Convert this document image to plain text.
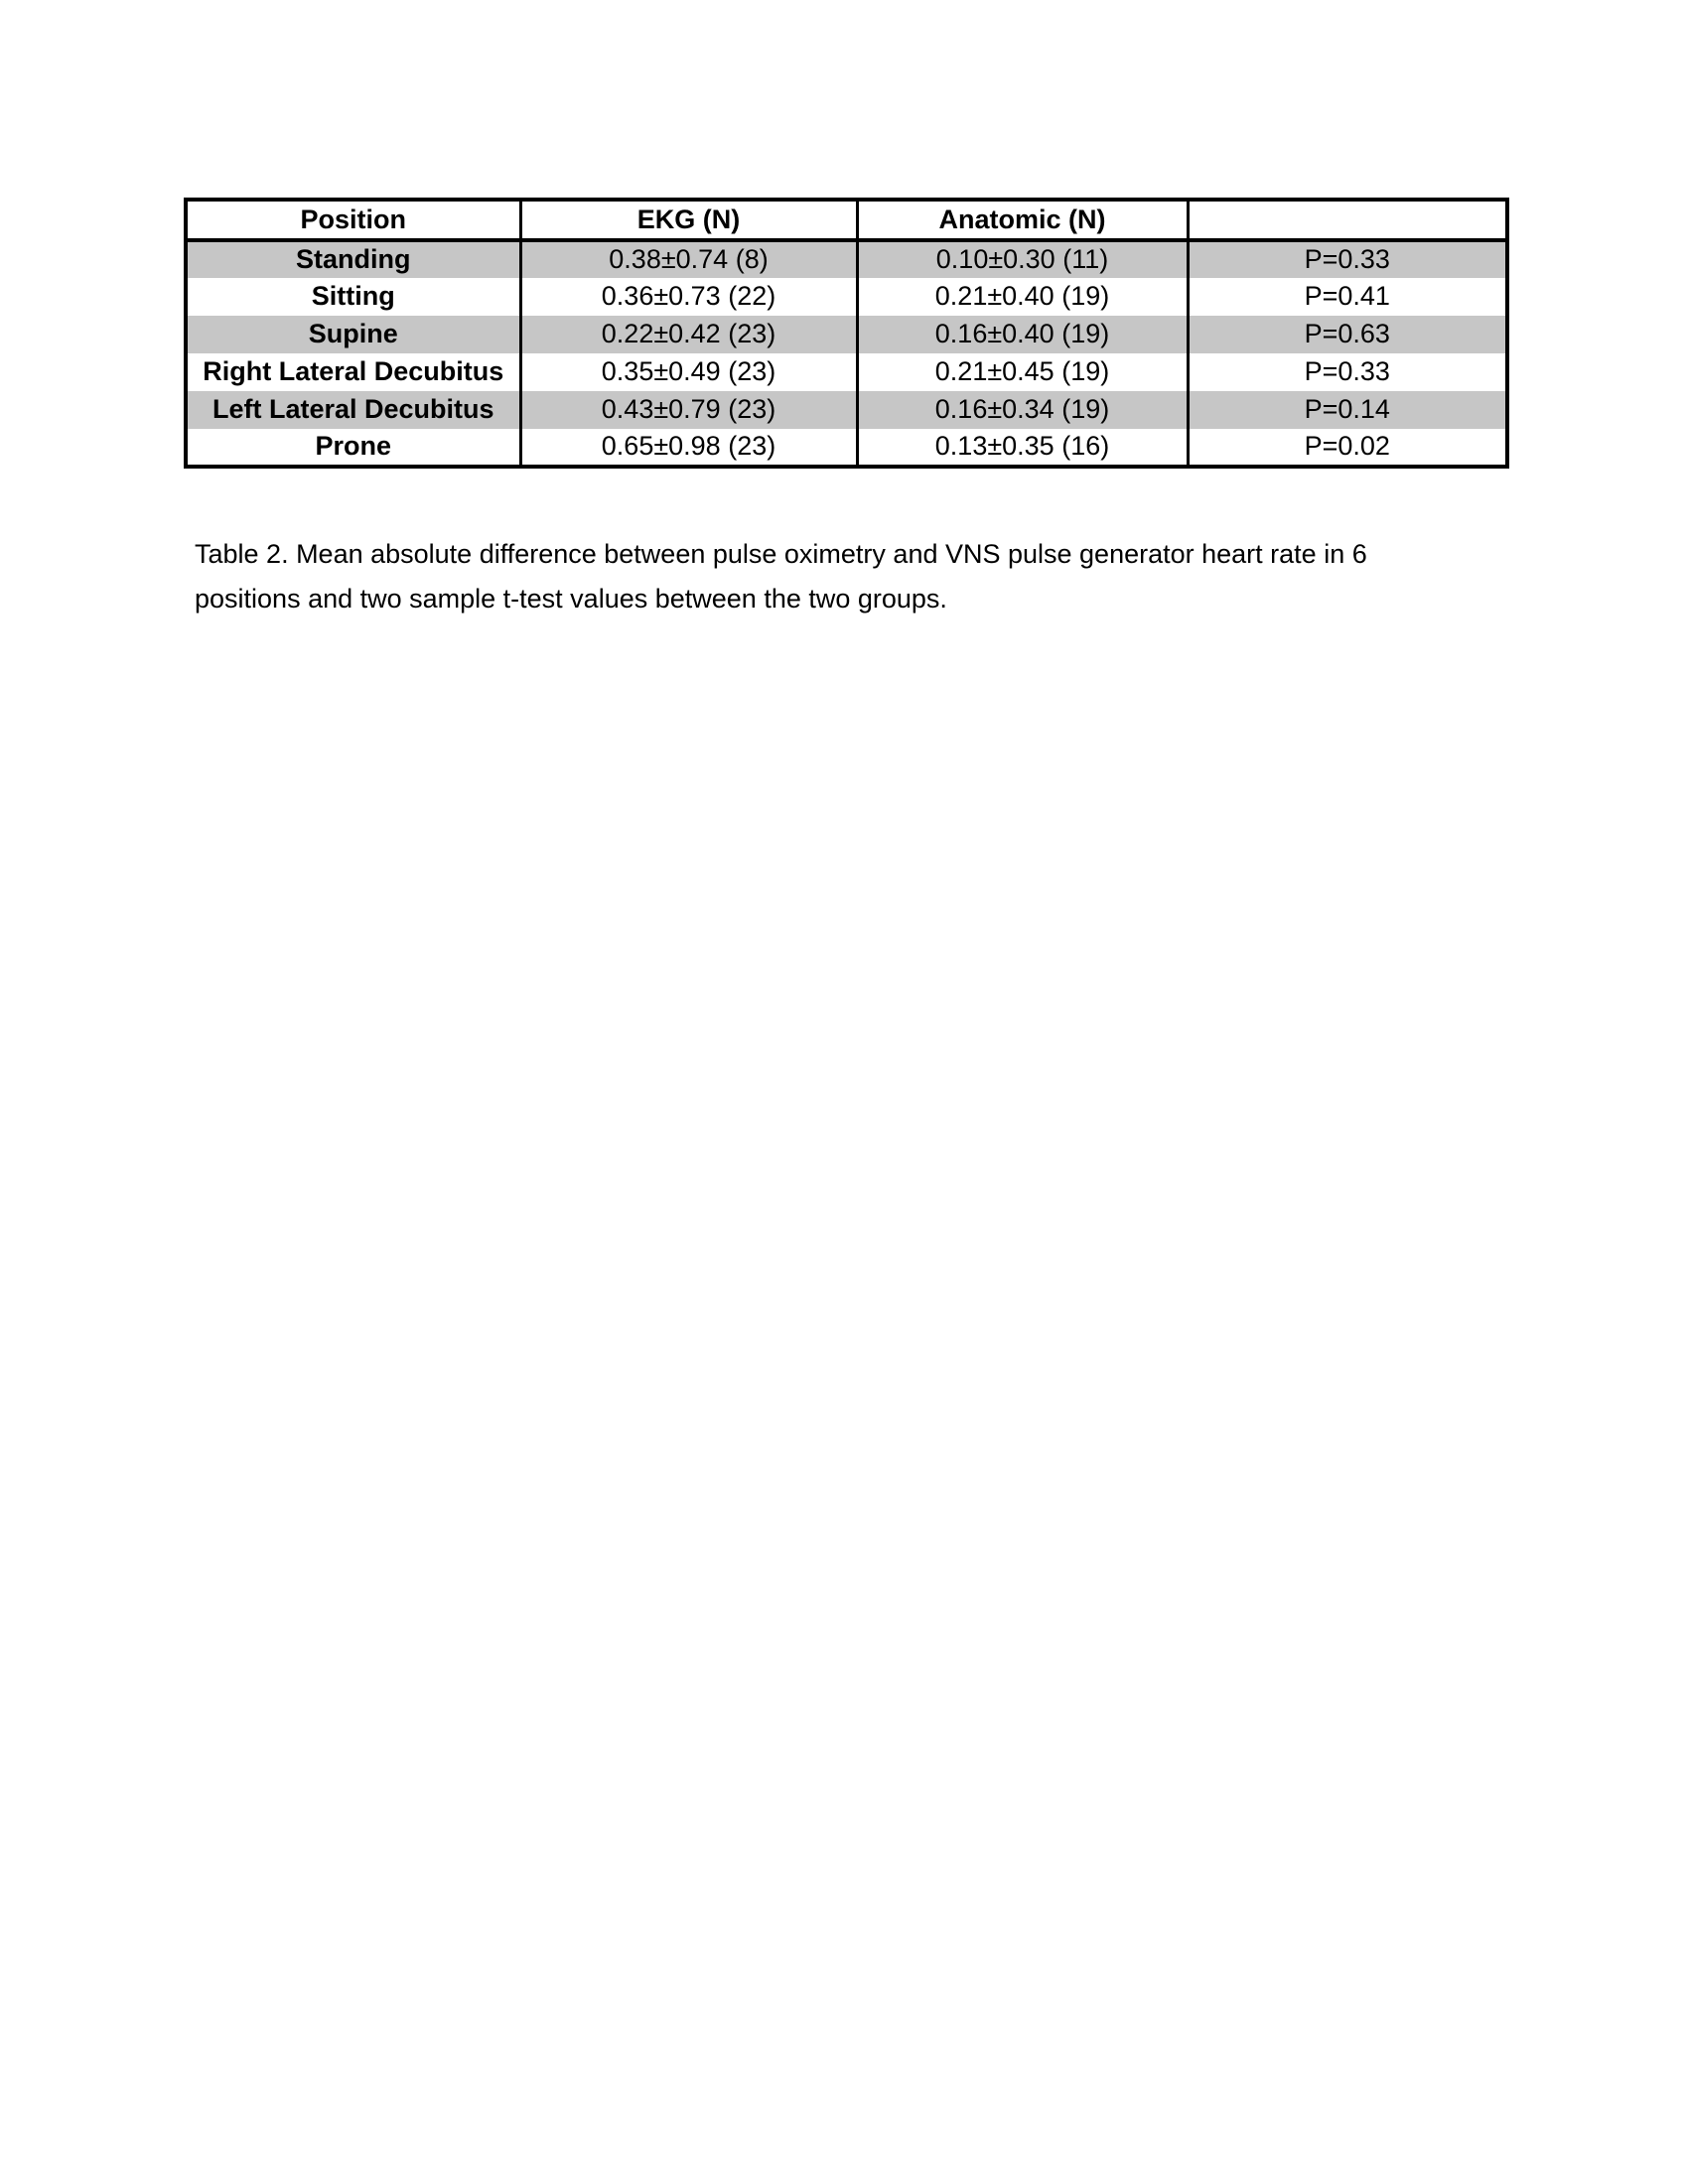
Position	EKG (N)	Anatomic (N)	
Standing	0.38±0.74 (8)	0.10±0.30 (11)	P=0.33
Sitting	0.36±0.73 (22)	0.21±0.40 (19)	P=0.41
Supine	0.22±0.42 (23)	0.16±0.40 (19)	P=0.63
Right Lateral Decubitus	0.35±0.49 (23)	0.21±0.45 (19)	P=0.33
Left Lateral Decubitus	0.43±0.79 (23)	0.16±0.34 (19)	P=0.14
Prone	0.65±0.98 (23)	0.13±0.35 (16)	P=0.02
Table 2. Mean absolute difference between pulse oximetry and VNS pulse generator heart rate in 6
positions and two sample t-test values between the two groups.
